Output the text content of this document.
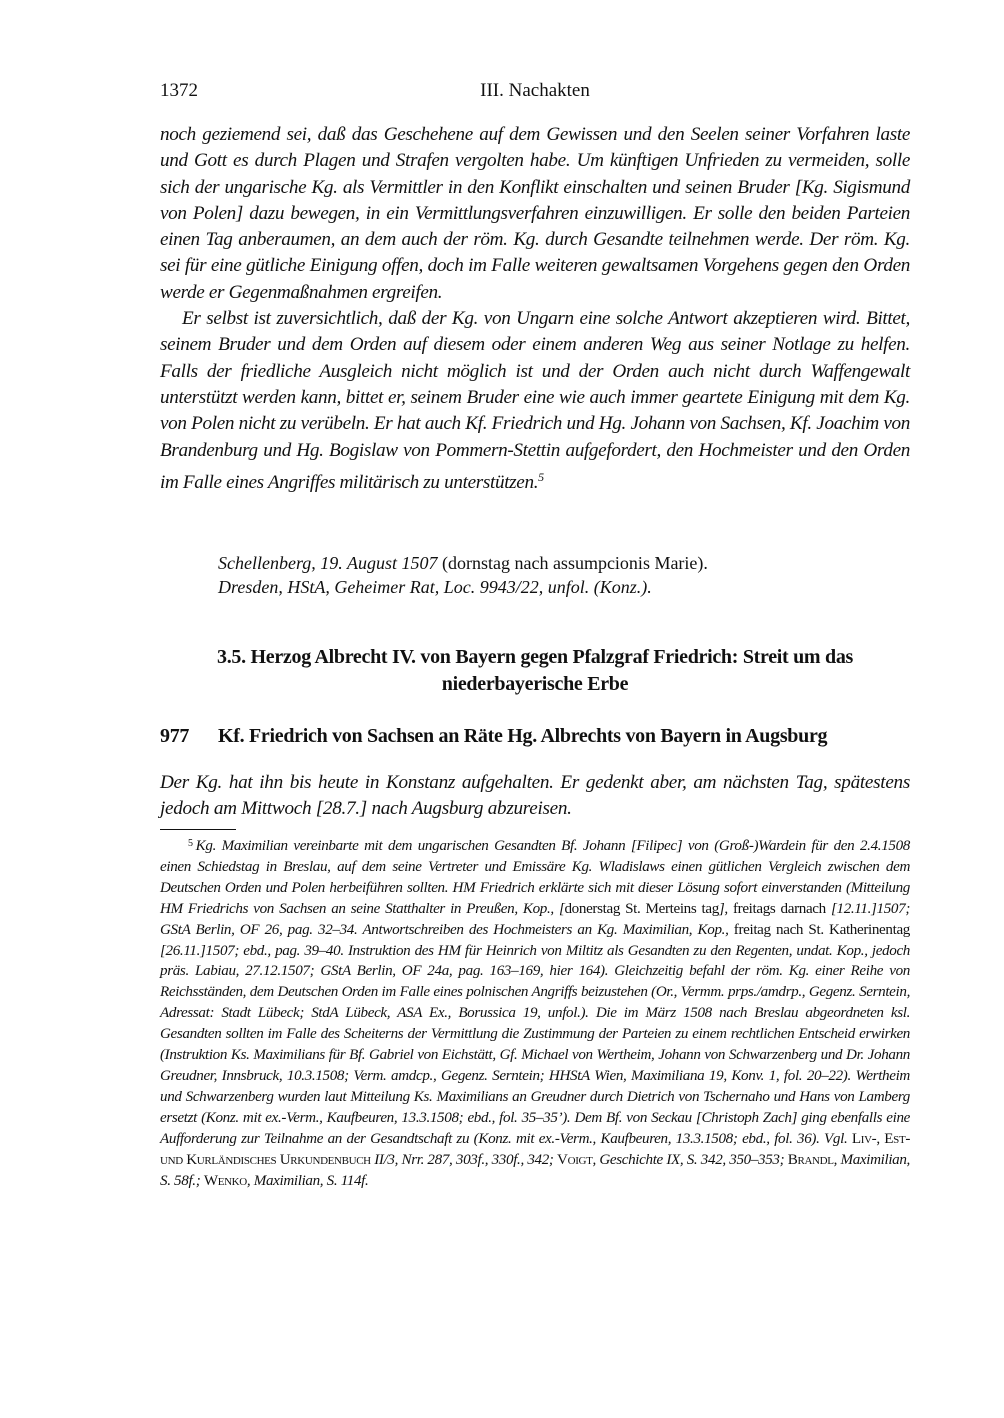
1372	III. Nachakten

noch geziemend sei, daß das Geschehene auf dem Gewissen und den Seelen seiner Vorfahren laste und Gott es durch Plagen und Strafen vergolten habe. Um künftigen Unfrieden zu vermeiden, solle sich der ungarische Kg. als Vermittler in den Konflikt einschalten und seinen Bruder [Kg. Sigismund von Polen] dazu bewegen, in ein Vermittlungsverfahren einzuwilligen. Er solle den beiden Parteien einen Tag anberaumen, an dem auch der röm. Kg. durch Gesandte teilnehmen werde. Der röm. Kg. sei für eine gütliche Einigung offen, doch im Falle weiteren gewaltsamen Vorgehens gegen den Orden werde er Gegenmaßnahmen ergreifen.

Er selbst ist zuversichtlich, daß der Kg. von Ungarn eine solche Antwort akzeptieren wird. Bittet, seinem Bruder und dem Orden auf diesem oder einem anderen Weg aus seiner Notlage zu helfen. Falls der friedliche Ausgleich nicht möglich ist und der Orden auch nicht durch Waffengewalt unterstützt werden kann, bittet er, seinem Bruder eine wie auch immer geartete Einigung mit dem Kg. von Polen nicht zu verübeln. Er hat auch Kf. Friedrich und Hg. Johann von Sachsen, Kf. Joachim von Brandenburg und Hg. Bogislaw von Pommern-Stettin aufgefordert, den Hochmeister und den Orden im Falle eines Angriffes militärisch zu unterstützen.$^5$

Schellenberg, 19. August 1507 (dornstag nach assumpcionis Marie).
Dresden, HStA, Geheimer Rat, Loc. 9943/22, unfol. (Konz.).
3.5. Herzog Albrecht IV. von Bayern gegen Pfalzgraf Friedrich: Streit um das niederbayerische Erbe
977 Kf. Friedrich von Sachsen an Räte Hg. Albrechts von Bayern in Augsburg
Der Kg. hat ihn bis heute in Konstanz aufgehalten. Er gedenkt aber, am nächsten Tag, spätestens jedoch am Mittwoch [28.7.] nach Augsburg abzureisen.

$^5$ Kg. Maximilian vereinbarte mit dem ungarischen Gesandten Bf. Johann [Filipec] von (Groß-)Wardein für den 2.4.1508 einen Schiedstag in Breslau, auf dem seine Vertreter und Emissäre Kg. Wladislaws einen gütlichen Vergleich zwischen dem Deutschen Orden und Polen herbeiführen sollten. HM Friedrich erklärte sich mit dieser Lösung sofort einverstanden (Mitteilung HM Friedrichs von Sachsen an seine Statthalter in Preußen, Kop., [donerstag St. Merteins tag], freitags darnach [12.11.]1507; GStA Berlin, OF 26, pag. 32–34. Antwortschreiben des Hochmeisters an Kg. Maximilian, Kop., freitag nach St. Katherinentag [26.11.]1507; ebd., pag. 39–40. Instruktion des HM für Heinrich von Miltitz als Gesandten zu den Regenten, undat. Kop., jedoch präs. Labiau, 27.12.1507; GStA Berlin, OF 24a, pag. 163–169, hier 164). Gleichzeitig befahl der röm. Kg. einer Reihe von Reichsständen, dem Deutschen Orden im Falle eines polnischen Angriffs beizustehen (Or., Vermm. prps./amdrp., Gegenz. Serntein, Adressat: Stadt Lübeck; StdA Lübeck, ASA Ex., Borussica 19, unfol.). Die im März 1508 nach Breslau abgeordneten ksl. Gesandten sollten im Falle des Scheiterns der Vermittlung die Zustimmung der Parteien zu einem rechtlichen Entscheid erwirken (Instruktion Ks. Maximilians für Bf. Gabriel von Eichstätt, Gf. Michael von Wertheim, Johann von Schwarzenberg und Dr. Johann Greudner, Innsbruck, 10.3.1508; Verm. amdcp., Gegenz. Serntein; HHStA Wien, Maximiliana 19, Konv. 1, fol. 20–22). Wertheim und Schwarzenberg wurden laut Mitteilung Ks. Maximilians an Greudner durch Dietrich von Tschernaho und Hans von Lamberg ersetzt (Konz. mit ex.-Verm., Kaufbeuren, 13.3.1508; ebd., fol. 35–35’). Dem Bf. von Seckau [Christoph Zach] ging ebenfalls eine Aufforderung zur Teilnahme an der Gesandtschaft zu (Konz. mit ex.-Verm., Kaufbeuren, 13.3.1508; ebd., fol. 36). Vgl. Liv-, Est- und Kurländisches Urkundenbuch II/3, Nrr. 287, 303f., 330f., 342; Voigt, Geschichte IX, S. 342, 350–353; Brandl, Maximilian, S. 58f.; Wenko, Maximilian, S. 114f.
